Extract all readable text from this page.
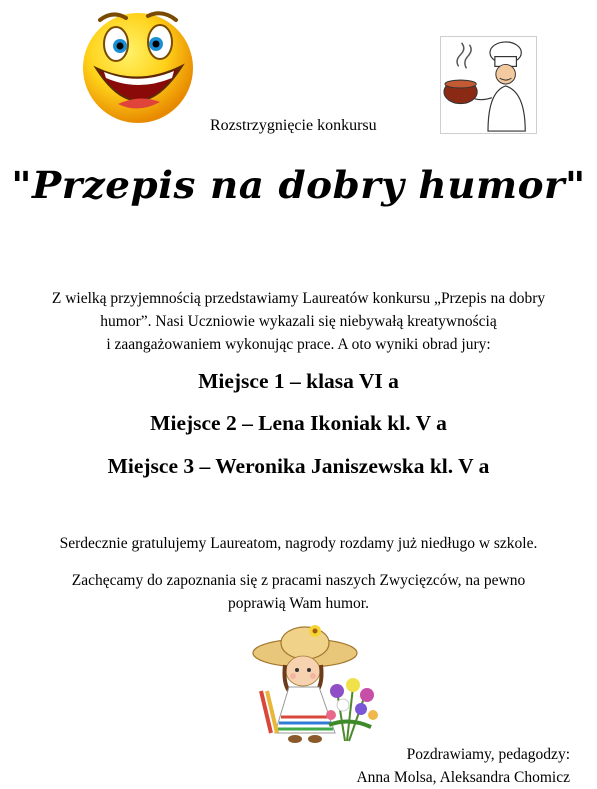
Rozstrzygnięcie konkursu
"Przepis na dobry humor"
Z wielką przyjemnością przedstawiamy Laureatów konkursu „Przepis na dobry
humor”. Nasi Uczniowie wykazali się niebywałą kreatywnością
i zaangażowaniem wykonując prace. A oto wyniki obrad jury:
Miejsce 1 – klasa VI a
Miejsce 2 – Lena Ikoniak kl. V a
Miejsce 3 – Weronika Janiszewska kl. V a
Serdecznie gratulujemy Laureatom, nagrody rozdamy już niedługo w szkole.
Zachęcamy do zapoznania się z pracami naszych Zwycięzców, na pewno
poprawią Wam humor.
Pozdrawiamy, pedagodzy:
Anna Molsa, Aleksandra Chomicz
